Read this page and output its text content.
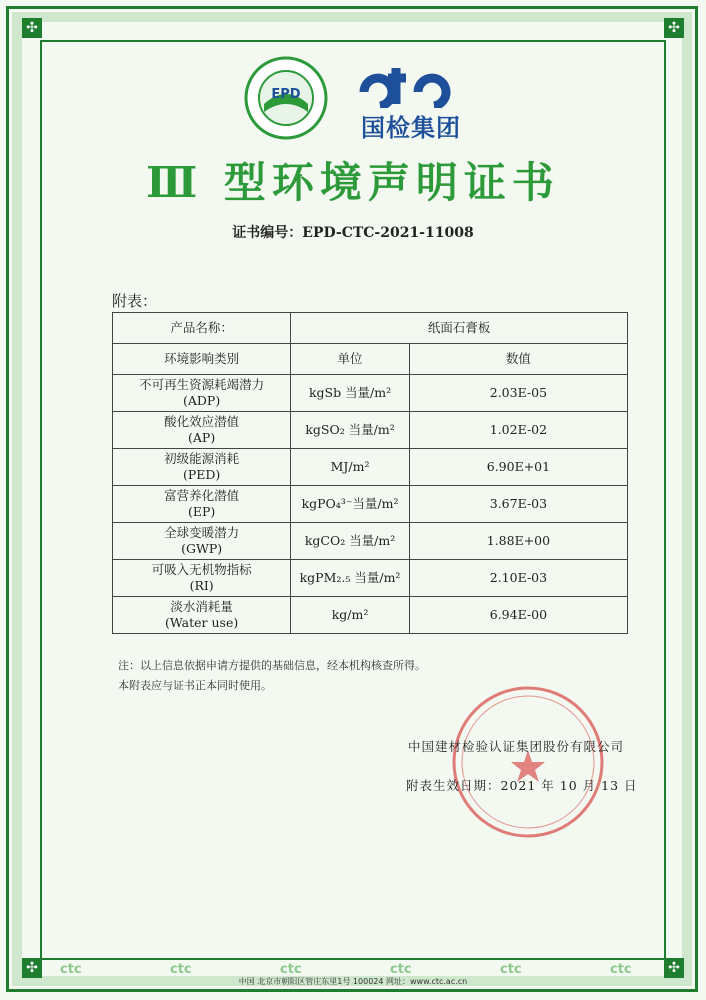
✣	✣
✣	✣
EPD
国检集团
Ⅲ 型环境声明证书
证书编号：EPD-CTC-2021-11008
附表：
产品名称：	纸面石膏板	
环境影响类别	单位	数值

不可再生资源耗竭潜力
(ADP)	kgSb 当量/m²	2.03E-05

酸化效应潜值
(AP)	kgSO₂ 当量/m²	1.02E-02

初级能源消耗
(PED)	MJ/m²	6.90E+01

富营养化潜值
(EP)	kgPO₄³⁻当量/m²	3.67E-03

全球变暖潜力
(GWP)	kgCO₂ 当量/m²	1.88E+00

可吸入无机物指标
(RI)	kgPM₂.₅ 当量/m²	2.10E-03

淡水消耗量
(Water use)	kg/m²	6.94E-00
注：以上信息依据申请方提供的基础信息，经本机构核查所得。
本附表应与证书正本同时使用。
中国建材检验认证集团股份有限公司
附表生效日期：2021 年 10 月 13 日
ctc	ctc	ctc	ctc	ctc	ctc
中国 北京市朝阳区管庄东里1号 100024 网址：www.ctc.ac.cn
